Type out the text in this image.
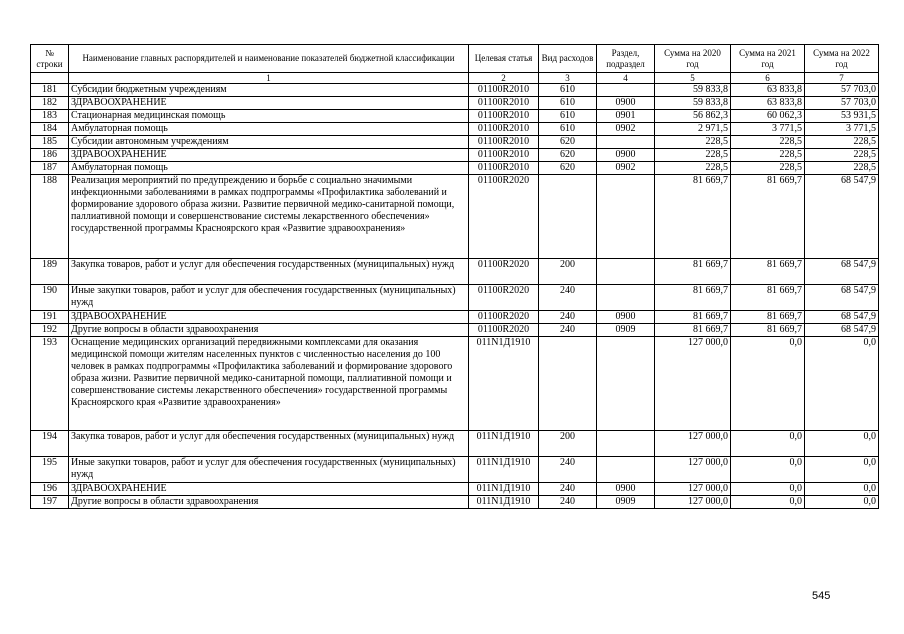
№ строки	Наименование главных распорядителей и наименование показателей бюджетной классификации	Целевая статья	Вид расходов	Раздел, подраздел	Сумма на 2020 год	Сумма на 2021 год	Сумма на 2022 год
	1	2	3	4	5	6	7
181	Субсидии бюджетным учреждениям	01100R2010	610		59 833,8	63 833,8	57 703,0
182	ЗДРАВООХРАНЕНИЕ	01100R2010	610	0900	59 833,8	63 833,8	57 703,0
183	Стационарная медицинская помощь	01100R2010	610	0901	56 862,3	60 062,3	53 931,5
184	Амбулаторная помощь	01100R2010	610	0902	2 971,5	3 771,5	3 771,5
185	Субсидии автономным учреждениям	01100R2010	620		228,5	228,5	228,5
186	ЗДРАВООХРАНЕНИЕ	01100R2010	620	0900	228,5	228,5	228,5
187	Амбулаторная помощь	01100R2010	620	0902	228,5	228,5	228,5
188	Реализация мероприятий по предупреждению и борьбе с социально значимыми инфекционными заболеваниями в рамках подпрограммы «Профилактика заболеваний и формирование здорового образа жизни. Развитие первичной медико-санитарной помощи, паллиативной помощи и совершенствование системы лекарственного обеспечения» государственной программы Красноярского края «Развитие здравоохранения»	01100R2020			81 669,7	81 669,7	68 547,9
189	Закупка товаров, работ и услуг для обеспечения государственных (муниципальных) нужд	01100R2020	200		81 669,7	81 669,7	68 547,9
190	Иные закупки товаров, работ и услуг для обеспечения государственных (муниципальных) нужд	01100R2020	240		81 669,7	81 669,7	68 547,9
191	ЗДРАВООХРАНЕНИЕ	01100R2020	240	0900	81 669,7	81 669,7	68 547,9
192	Другие вопросы в области здравоохранения	01100R2020	240	0909	81 669,7	81 669,7	68 547,9
193	Оснащение медицинских организаций передвижными комплексами для оказания медицинской помощи жителям населенных пунктов с численностью населения до 100 человек в рамках подпрограммы «Профилактика заболеваний и формирование здорового образа жизни. Развитие первичной медико-санитарной помощи, паллиативной помощи и совершенствование системы лекарственного обеспечения» государственной программы Красноярского края «Развитие здравоохранения»	011N1Д1910			127 000,0	0,0	0,0
194	Закупка товаров, работ и услуг для обеспечения государственных (муниципальных) нужд	011N1Д1910	200		127 000,0	0,0	0,0
195	Иные закупки товаров, работ и услуг для обеспечения государственных (муниципальных) нужд	011N1Д1910	240		127 000,0	0,0	0,0
196	ЗДРАВООХРАНЕНИЕ	011N1Д1910	240	0900	127 000,0	0,0	0,0
197	Другие вопросы в области здравоохранения	011N1Д1910	240	0909	127 000,0	0,0	0,0
545
